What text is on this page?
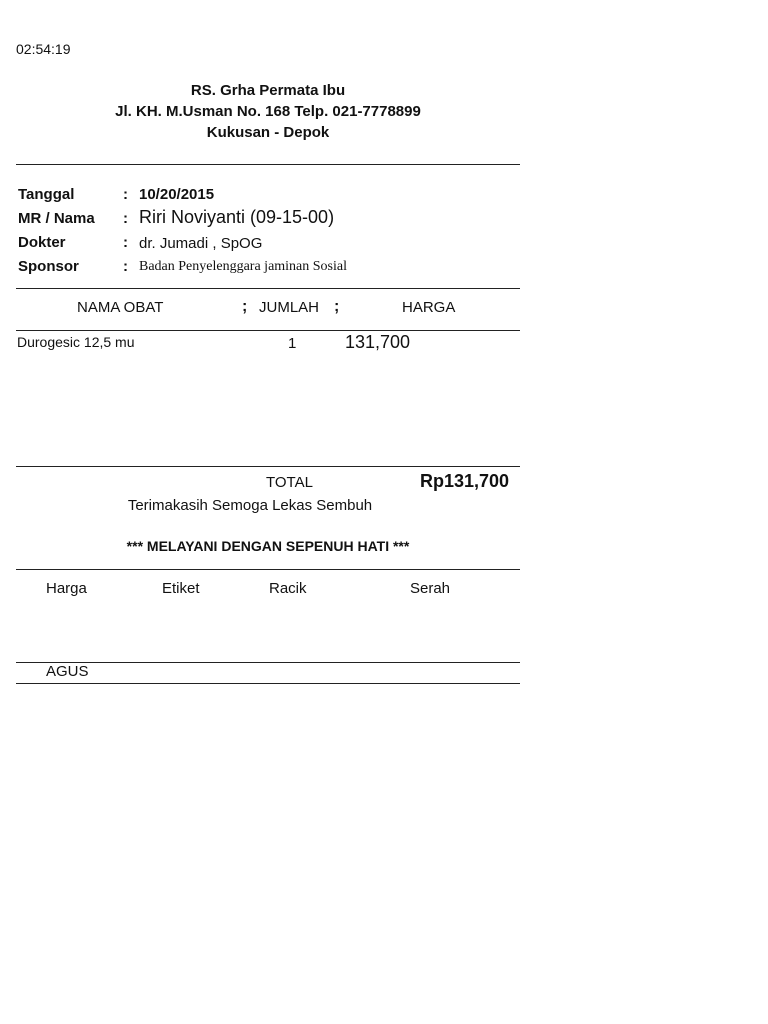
02:54:19
RS. Grha Permata Ibu
Jl. KH. M.Usman No. 168 Telp. 021-7778899
Kukusan - Depok
Tanggal	: 10/20/2015
MR / Nama : Riri Noviyanti (09-15-00)
Dokter	: dr. Jumadi , SpOG
Sponsor	: Badan Penyelenggara jaminan Sosial
NAMA OBAT	; JUMLAH ;	HARGA
Durogesic 12,5 mu	1	131,700
TOTAL	Rp131,700
Terimakasih Semoga Lekas Sembuh
*** MELAYANI DENGAN SEPENUH HATI ***
Harga	Etiket	Racik	Serah
AGUS
